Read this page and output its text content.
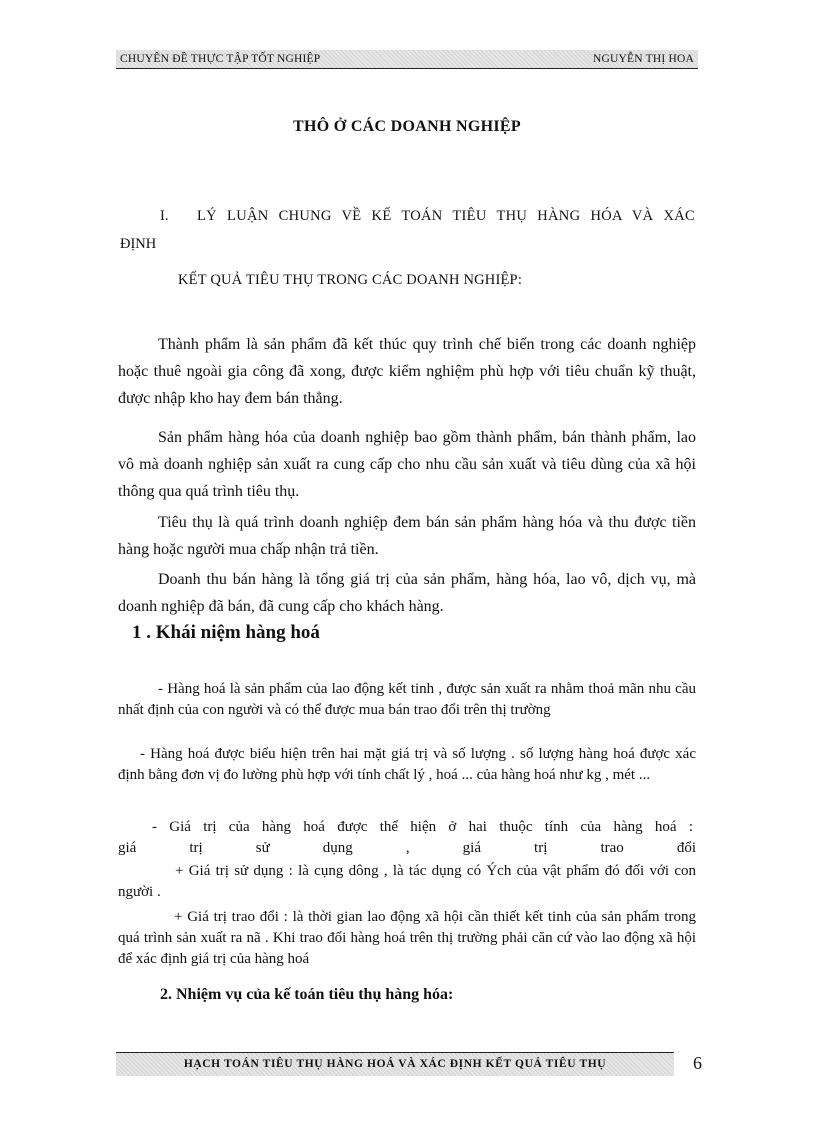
CHUYÊN ĐỀ THỰC TẬP TỐT NGHIỆP	NGUYỄN THỊ HOA
THÔ Ở CÁC DOANH NGHIỆP
I. LÝ LUẬN CHUNG VỀ KẾ TOÁN TIÊU THỤ HÀNG HÓA VÀ XÁC
ĐỊNH
KẾT QUẢ TIÊU THỤ TRONG CÁC DOANH NGHIỆP:

Thành phẩm là sản phẩm đã kết thúc quy trình chế biến trong các doanh nghiệp hoặc thuê ngoài gia công đã xong, được kiểm nghiệm phù hợp với tiêu chuẩn kỹ thuật, được nhập kho hay đem bán thẳng.

Sản phẩm hàng hóa của doanh nghiệp bao gồm thành phẩm, bán thành phẩm, lao vô mà doanh nghiệp sản xuất ra cung cấp cho nhu cầu sản xuất và tiêu dùng của xã hội thông qua quá trình tiêu thụ.

Tiêu thụ là quá trình doanh nghiệp đem bán sản phẩm hàng hóa và thu được tiền hàng hoặc người mua chấp nhận trả tiền.

Doanh thu bán hàng là tổng giá trị của sản phẩm, hàng hóa, lao vô, dịch vụ, mà doanh nghiệp đã bán, đã cung cấp cho khách hàng.

1 . Khái niệm hàng hoá
- Hàng hoá là sản phẩm của lao động kết tinh , được sản xuất ra nhằm thoả mãn nhu cầu nhất định của con người và có thể được mua bán trao đổi trên thị trường
- Hàng hoá được biểu hiện trên hai mặt giá trị và số lượng . số lượng hàng hoá được xác định bằng đơn vị đo lường phù hợp với tính chất lý , hoá ... của hàng hoá như kg , mét ...
- Giá trị của hàng hoá được thể hiện ở hai thuộc tính của hàng hoá :
giá trị sử dụng , giá trị trao đổi
+ Giá trị sử dụng : là cụng dông , là tác dụng có Ých của vật phẩm đó đối với con người .
+ Giá trị trao đổi : là thời gian lao động xã hội cần thiết kết tinh của sản phẩm trong quá trình sản xuất ra nã . Khi trao đổi hàng hoá trên thị trường phải căn cứ vào lao động xã hội để xác định giá trị của hàng hoá
2. Nhiệm vụ của kế toán tiêu thụ hàng hóa:
HẠCH TOÁN TIÊU THỤ HÀNG HOÁ VÀ XÁC ĐỊNH KẾT QUẢ TIÊU THỤ	6
